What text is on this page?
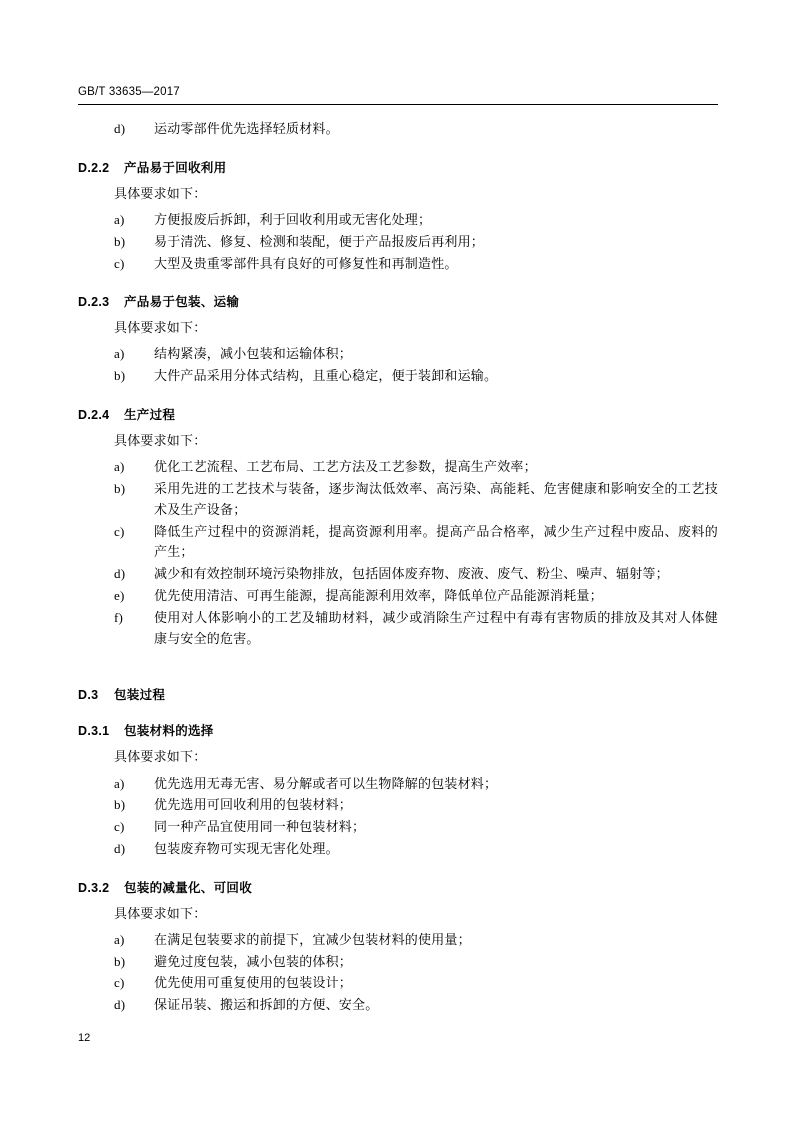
GB/T 33635—2017
d)	运动零部件优先选择轻质材料。
D.2.2 产品易于回收利用
具体要求如下：
a)	方便报废后拆卸，利于回收利用或无害化处理；
b)	易于清洗、修复、检测和装配，便于产品报废后再利用；
c)	大型及贵重零部件具有良好的可修复性和再制造性。
D.2.3 产品易于包装、运输
具体要求如下：
a)	结构紧凑，减小包装和运输体积；
b)	大件产品采用分体式结构，且重心稳定，便于装卸和运输。
D.2.4 生产过程
具体要求如下：
a)	优化工艺流程、工艺布局、工艺方法及工艺参数，提高生产效率；
b)	采用先进的工艺技术与装备，逐步淘汰低效率、高污染、高能耗、危害健康和影响安全的工艺技术及生产设备；
c)	降低生产过程中的资源消耗，提高资源利用率。提高产品合格率，减少生产过程中废品、废料的产生；
d)	减少和有效控制环境污染物排放，包括固体废弃物、废液、废气、粉尘、噪声、辐射等；
e)	优先使用清洁、可再生能源，提高能源利用效率，降低单位产品能源消耗量；
f)	使用对人体影响小的工艺及辅助材料，减少或消除生产过程中有毒有害物质的排放及其对人体健康与安全的危害。
D.3 包装过程
D.3.1 包装材料的选择
具体要求如下：
a)	优先选用无毒无害、易分解或者可以生物降解的包装材料；
b)	优先选用可回收利用的包装材料；
c)	同一种产品宜使用同一种包装材料；
d)	包装废弃物可实现无害化处理。
D.3.2 包装的减量化、可回收
具体要求如下：
a)	在满足包装要求的前提下，宜减少包装材料的使用量；
b)	避免过度包装，减小包装的体积；
c)	优先使用可重复使用的包装设计；
d)	保证吊装、搬运和拆卸的方便、安全。
12
